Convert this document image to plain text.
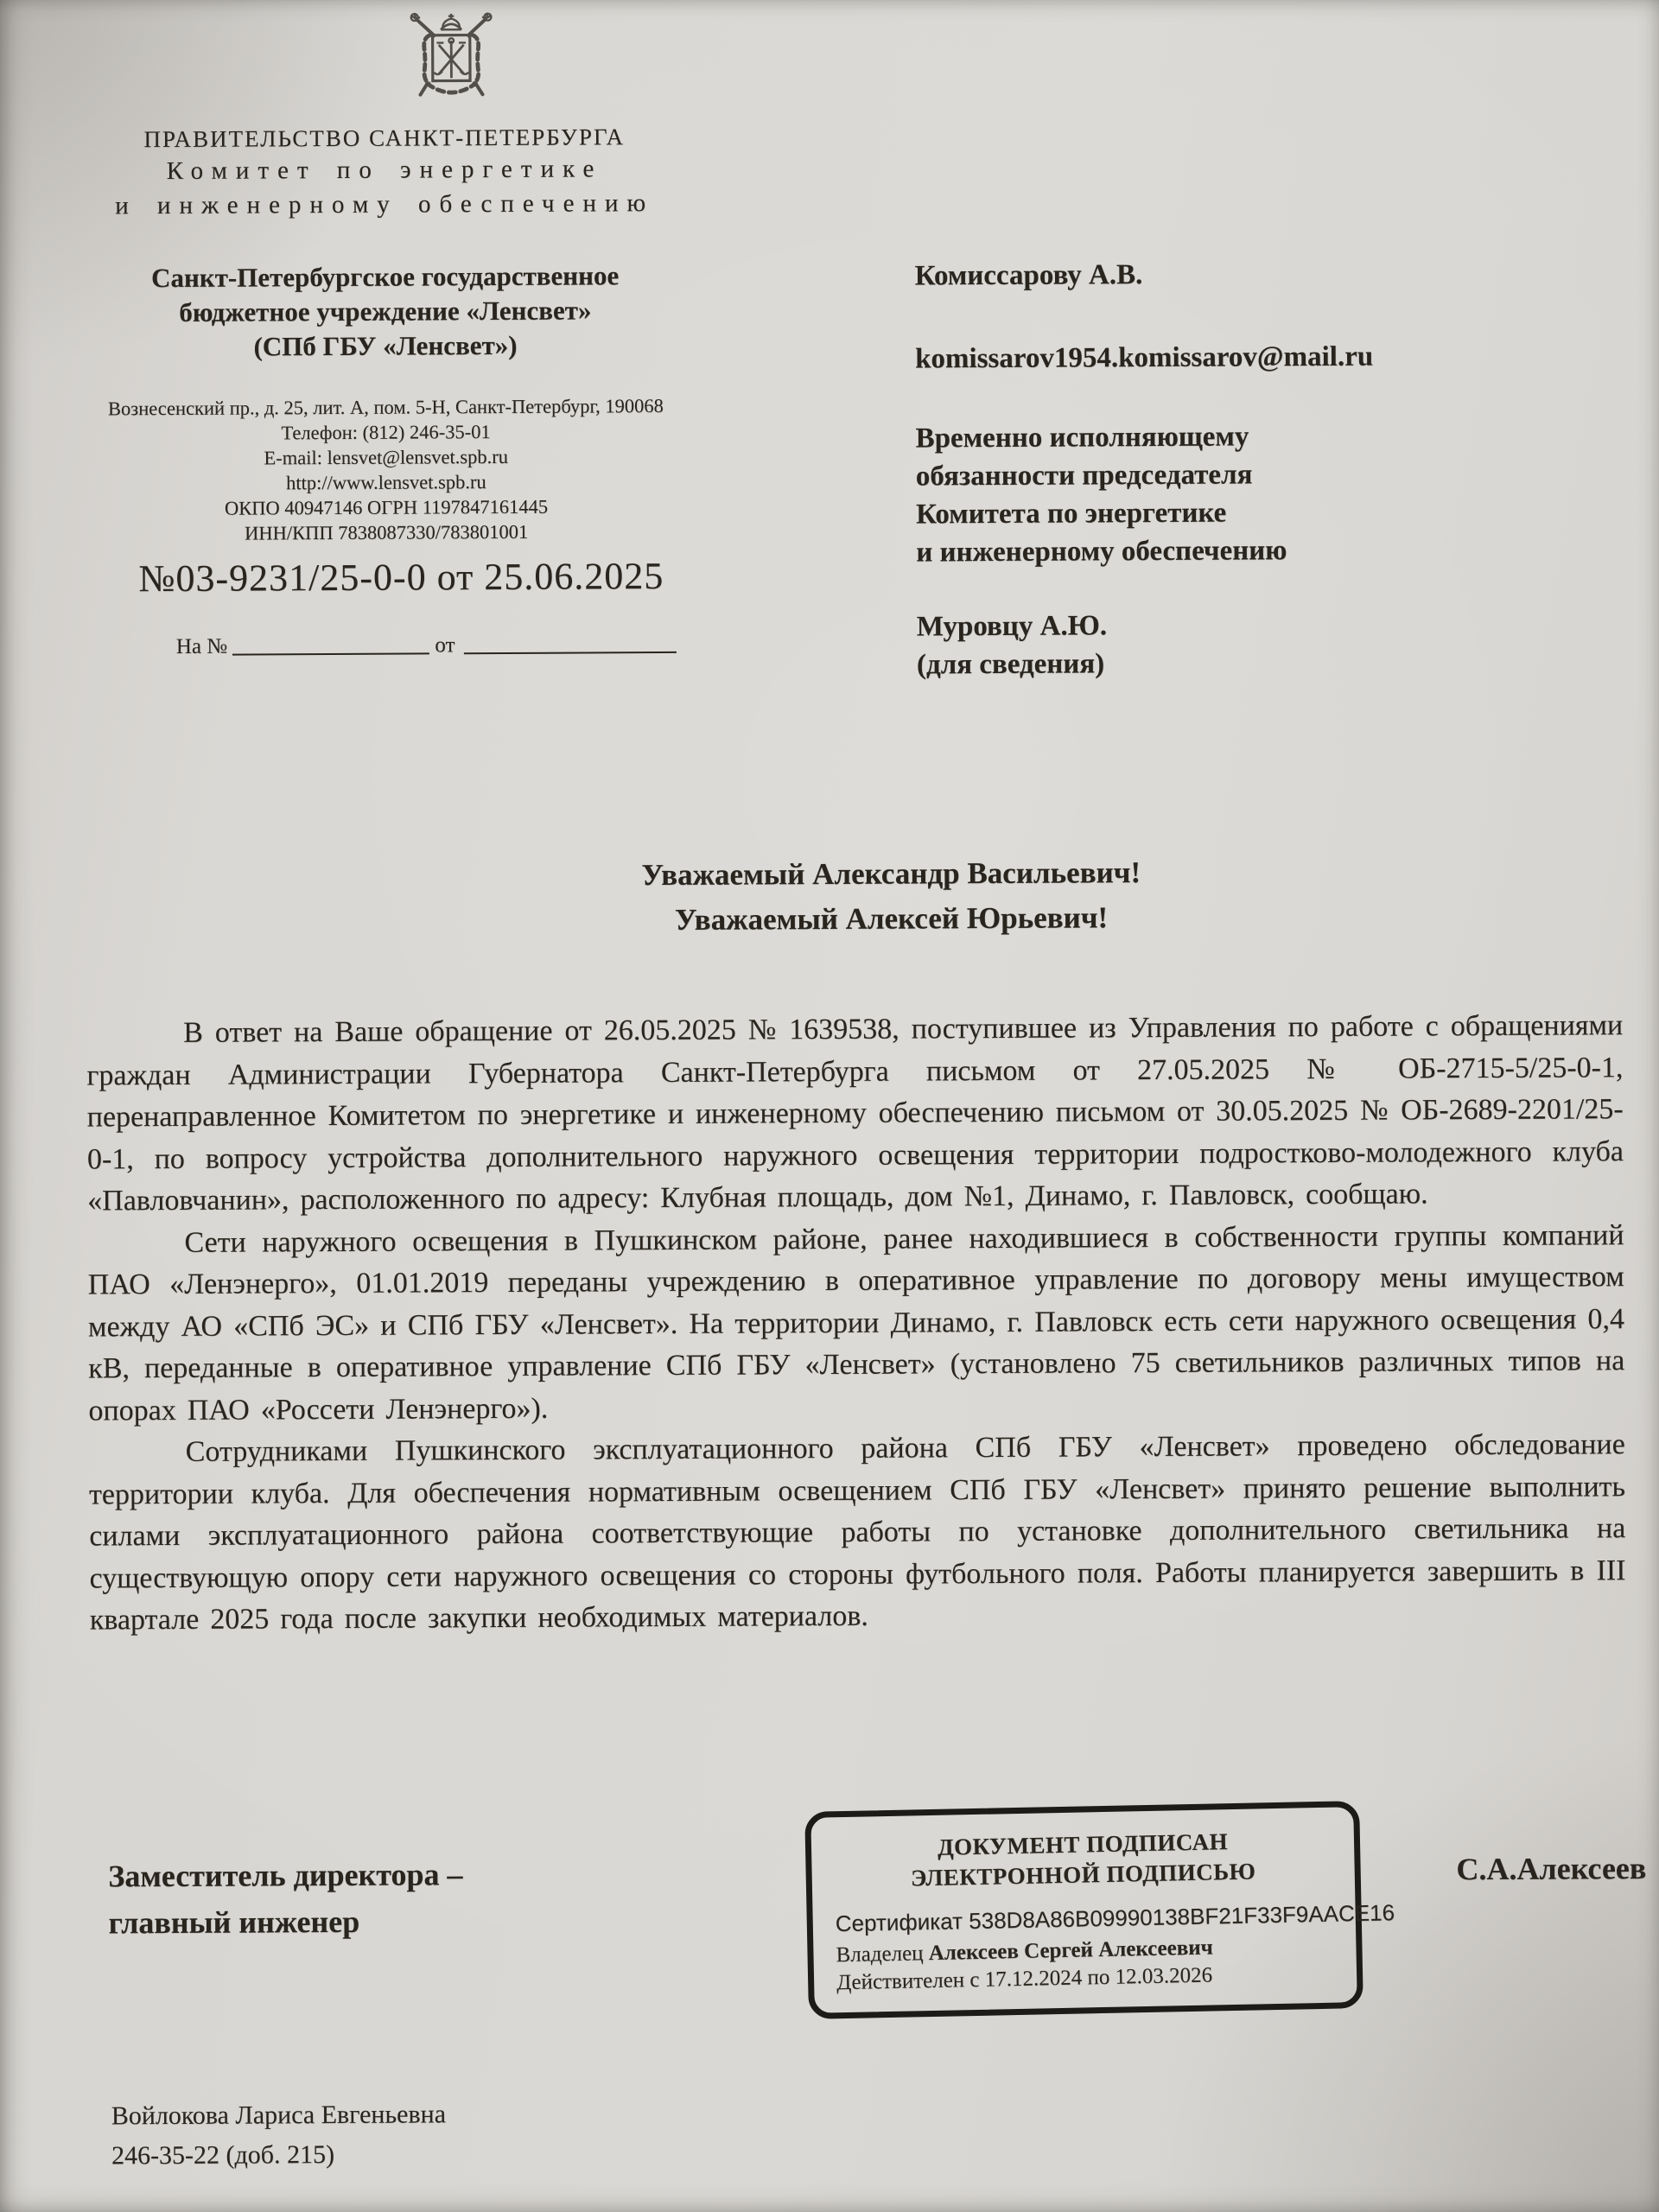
ПРАВИТЕЛЬСТВО САНКТ-ПЕТЕРБУРГА
Комитет по энергетике
и инженерному обеспечению
Санкт-Петербургское государственное
бюджетное учреждение «Ленсвет»
(СПб ГБУ «Ленсвет»)
Вознесенский пр., д. 25, лит. А, пом. 5-Н, Санкт-Петербург, 190068
Телефон: (812) 246-35-01
E-mail: lensvet@lensvet.spb.ru
http://www.lensvet.spb.ru
ОКПО 40947146 ОГРН 1197847161445
ИНН/КПП 7838087330/783801001
№03-9231/25-0-0 от 25.06.2025
На №	от
Комиссарову А.В.
komissarov1954.komissarov@mail.ru
Временно исполняющему
обязанности председателя
Комитета по энергетике
и инженерному обеспечению
Муровцу А.Ю.
(для сведения)
Уважаемый Александр Васильевич!
Уважаемый Алексей Юрьевич!

В ответ на Ваше обращение от 26.05.2025 № 1639538, поступившее из Управления по работе с обращениями граждан Администрации Губернатора Санкт-Петербурга письмом от 27.05.2025 № ОБ-2715-5/25-0-1, перенаправленное Комитетом по энергетике и инженерному обеспечению письмом от 30.05.2025 № ОБ-2689-2201/25-0-1, по вопросу устройства дополнительного наружного освещения территории подростково-молодежного клуба «Павловчанин», расположенного по адресу: Клубная площадь, дом №1, Динамо, г. Павловск, сообщаю.

Сети наружного освещения в Пушкинском районе, ранее находившиеся в собственности группы компаний ПАО «Ленэнерго», 01.01.2019 переданы учреждению в оперативное управление по договору мены имуществом между АО «СПб ЭС» и СПб ГБУ «Ленсвет». На территории Динамо, г. Павловск есть сети наружного освещения 0,4 кВ, переданные в оперативное управление СПб ГБУ «Ленсвет» (установлено 75 светильников различных типов на опорах ПАО «Россети Ленэнерго»).

Сотрудниками Пушкинского эксплуатационного района СПб ГБУ «Ленсвет» проведено обследование территории клуба. Для обеспечения нормативным освещением СПб ГБУ «Ленсвет» принято решение выполнить силами эксплуатационного района соответствующие работы по установке дополнительного светильника на существующую опору сети наружного освещения со стороны футбольного поля. Работы планируется завершить в III квартале 2025 года после закупки необходимых материалов.

Заместитель директора –
главный инженер
ДОКУМЕНТ ПОДПИСАН
ЭЛЕКТРОННОЙ ПОДПИСЬЮ
Сертификат 538D8A86B09990138BF21F33F9AACE16
Владелец Алексеев Сергей Алексеевич
Действителен с 17.12.2024 по 12.03.2026
С.А.Алексеев
Войлокова Лариса Евгеньевна
246-35-22 (доб. 215)
